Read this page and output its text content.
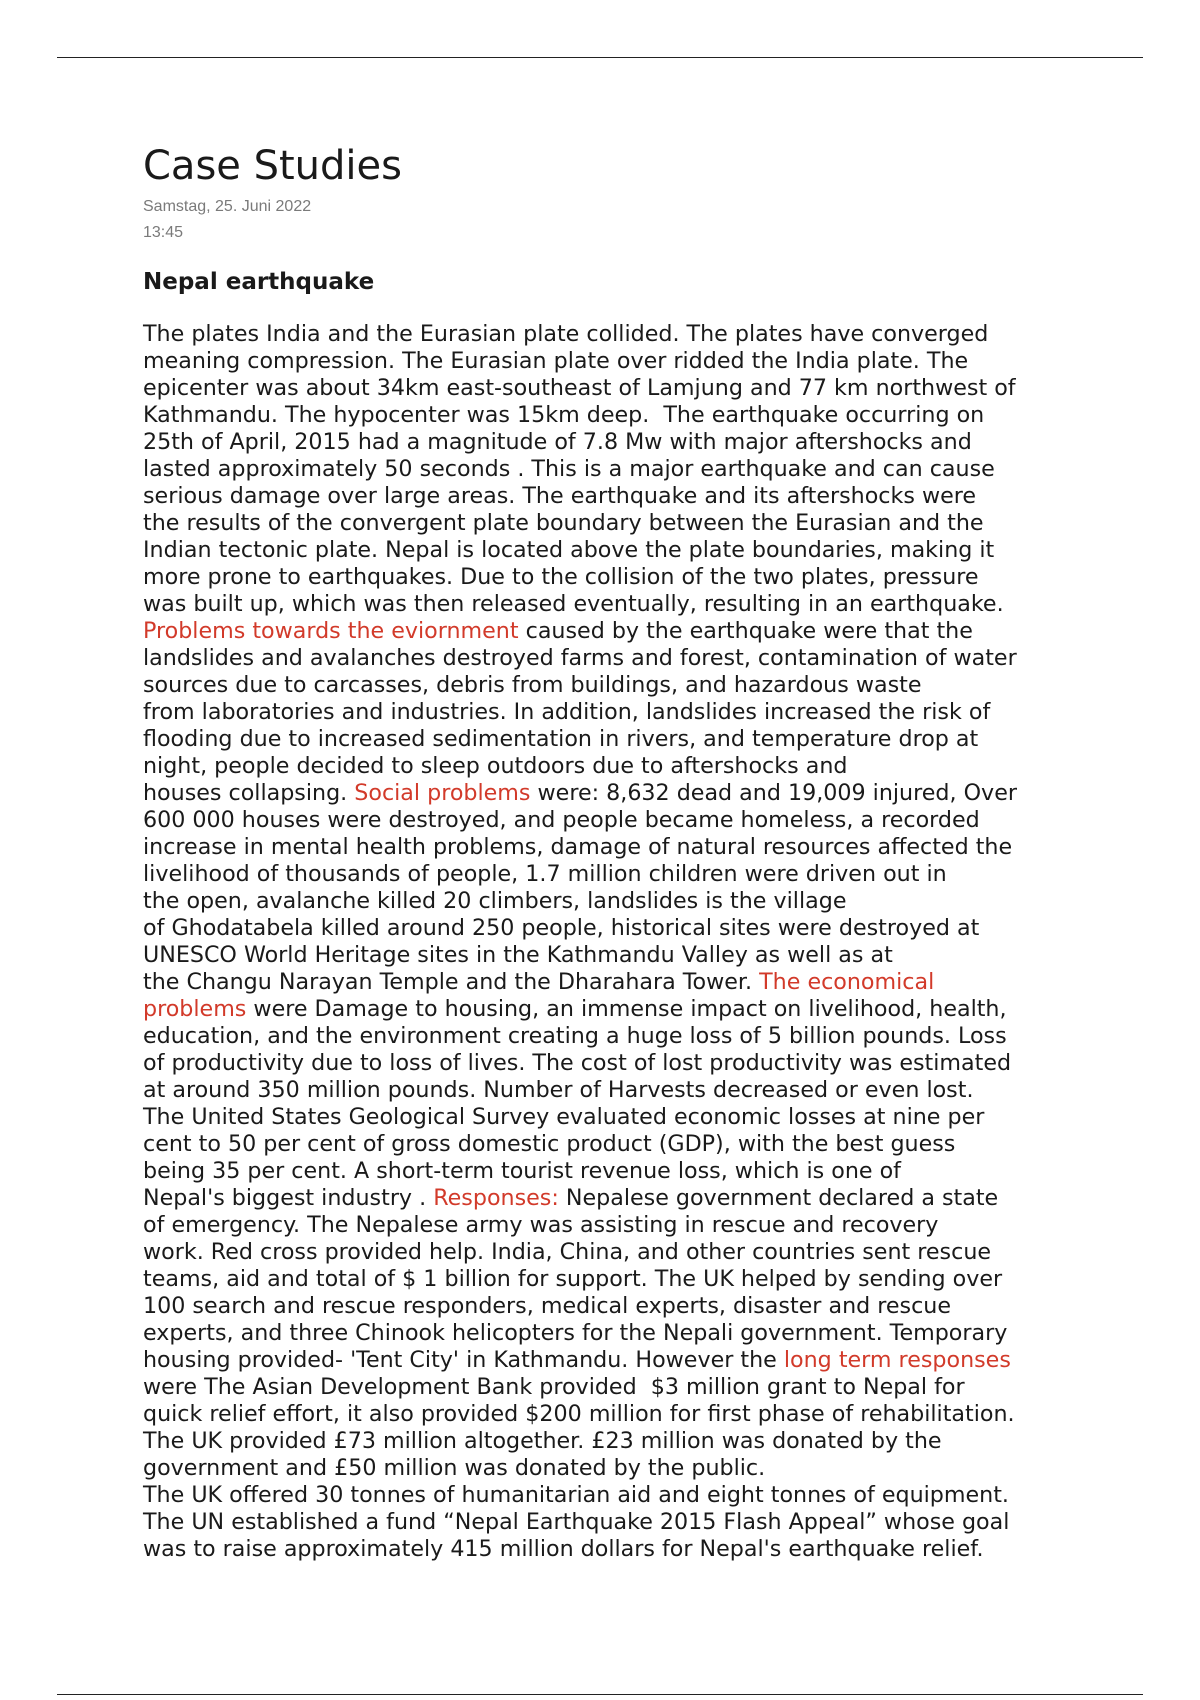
Case Studies
Samstag, 25. Juni 2022
13:45
Nepal earthquake
The plates India and the Eurasian plate collided. The plates have converged
meaning compression. The Eurasian plate over ridded the India plate. The
epicenter was about 34km east-southeast of Lamjung and 77 km northwest of
Kathmandu. The hypocenter was 15km deep.  The earthquake occurring on
25th of April, 2015 had a magnitude of 7.8 Mw with major aftershocks and
lasted approximately 50 seconds . This is a major earthquake and can cause
serious damage over large areas. The earthquake and its aftershocks were
the results of the convergent plate boundary between the Eurasian and the
Indian tectonic plate. Nepal is located above the plate boundaries, making it
more prone to earthquakes. Due to the collision of the two plates, pressure
was built up, which was then released eventually, resulting in an earthquake.
Problems towards the eviornment caused by the earthquake were that the
landslides and avalanches destroyed farms and forest, contamination of water
sources due to carcasses, debris from buildings, and hazardous waste
from laboratories and industries. In addition, landslides increased the risk of
flooding due to increased sedimentation in rivers, and temperature drop at
night, people decided to sleep outdoors due to aftershocks and
houses collapsing. Social problems were: 8,632 dead and 19,009 injured, Over
600 000 houses were destroyed, and people became homeless, a recorded
increase in mental health problems, damage of natural resources affected the
livelihood of thousands of people, 1.7 million children were driven out in
the open, avalanche killed 20 climbers, landslides is the village
of Ghodatabela killed around 250 people, historical sites were destroyed at
UNESCO World Heritage sites in the Kathmandu Valley as well as at
the Changu Narayan Temple and the Dharahara Tower. The economical
problems were Damage to housing, an immense impact on livelihood, health,
education, and the environment creating a huge loss of 5 billion pounds. Loss
of productivity due to loss of lives. The cost of lost productivity was estimated
at around 350 million pounds. Number of Harvests decreased or even lost.
The United States Geological Survey evaluated economic losses at nine per
cent to 50 per cent of gross domestic product (GDP), with the best guess
being 35 per cent. A short-term tourist revenue loss, which is one of
Nepal's biggest industry . Responses: Nepalese government declared a state
of emergency. The Nepalese army was assisting in rescue and recovery
work. Red cross provided help. India, China, and other countries sent rescue
teams, aid and total of $ 1 billion for support. The UK helped by sending over
100 search and rescue responders, medical experts, disaster and rescue
experts, and three Chinook helicopters for the Nepali government. Temporary
housing provided- 'Tent City' in Kathmandu. However the long term responses
were The Asian Development Bank provided  $3 million grant to Nepal for
quick relief effort, it also provided $200 million for first phase of rehabilitation.
The UK provided £73 million altogether. £23 million was donated by the
government and £50 million was donated by the public.
The UK offered 30 tonnes of humanitarian aid and eight tonnes of equipment.
The UN established a fund “Nepal Earthquake 2015 Flash Appeal” whose goal
was to raise approximately 415 million dollars for Nepal's earthquake relief.
